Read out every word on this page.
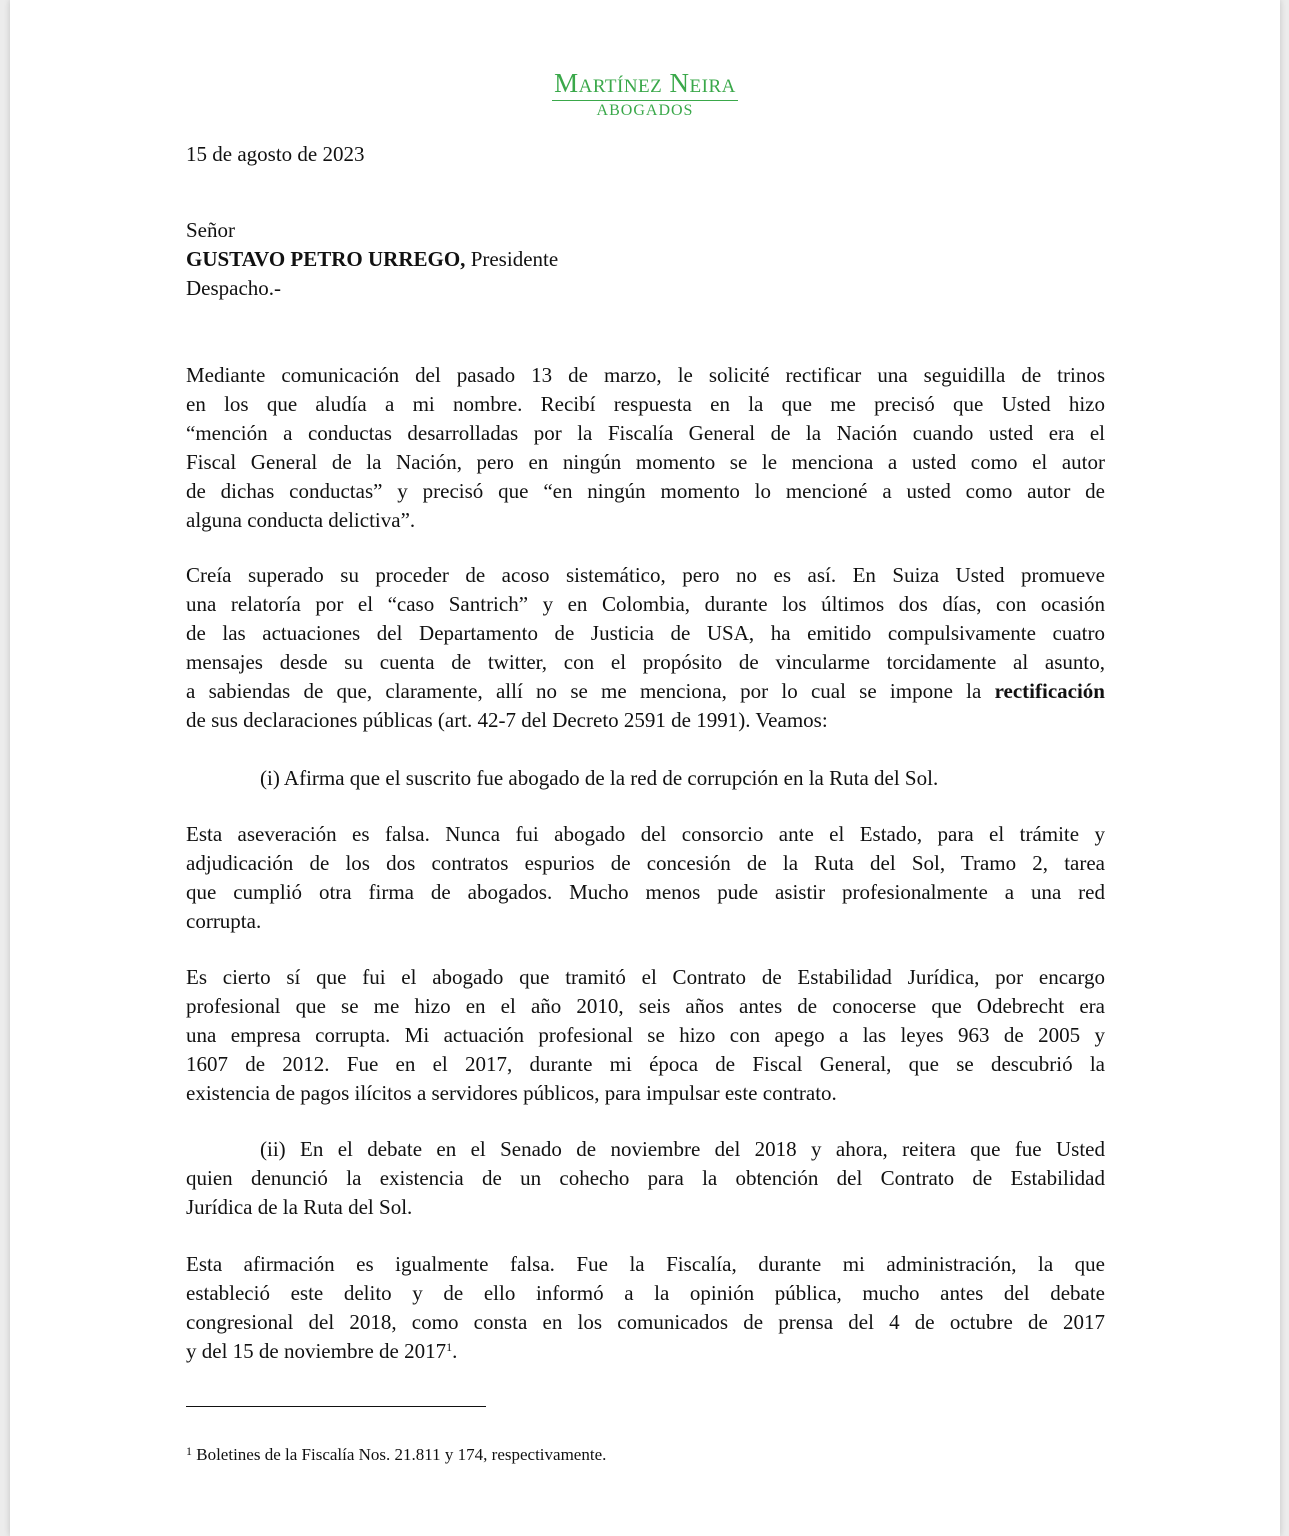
Martínez Neira
ABOGADOS
15 de agosto de 2023
Señor
GUSTAVO PETRO URREGO, Presidente
Despacho.-
Mediante comunicación del pasado 13 de marzo, le solicité rectificar una seguidilla de trinos
en los que aludía a mi nombre. Recibí respuesta en la que me precisó que Usted hizo
“mención a conductas desarrolladas por la Fiscalía General de la Nación cuando usted era el
Fiscal General de la Nación, pero en ningún momento se le menciona a usted como el autor
de dichas conductas” y precisó que “en ningún momento lo mencioné a usted como autor de
alguna conducta delictiva”.
Creía superado su proceder de acoso sistemático, pero no es así. En Suiza Usted promueve
una relatoría por el “caso Santrich” y en Colombia, durante los últimos dos días, con ocasión
de las actuaciones del Departamento de Justicia de USA, ha emitido compulsivamente cuatro
mensajes desde su cuenta de twitter, con el propósito de vincularme torcidamente al asunto,
a sabiendas de que, claramente, allí no se me menciona, por lo cual se impone la rectificación
de sus declaraciones públicas (art. 42-7 del Decreto 2591 de 1991). Veamos:
(i) Afirma que el suscrito fue abogado de la red de corrupción en la Ruta del Sol.
Esta aseveración es falsa. Nunca fui abogado del consorcio ante el Estado, para el trámite y
adjudicación de los dos contratos espurios de concesión de la Ruta del Sol, Tramo 2, tarea
que cumplió otra firma de abogados. Mucho menos pude asistir profesionalmente a una red
corrupta.
Es cierto sí que fui el abogado que tramitó el Contrato de Estabilidad Jurídica, por encargo
profesional que se me hizo en el año 2010, seis años antes de conocerse que Odebrecht era
una empresa corrupta. Mi actuación profesional se hizo con apego a las leyes 963 de 2005 y
1607 de 2012. Fue en el 2017, durante mi época de Fiscal General, que se descubrió la
existencia de pagos ilícitos a servidores públicos, para impulsar este contrato.
(ii) En el debate en el Senado de noviembre del 2018 y ahora, reitera que fue Usted
quien denunció la existencia de un cohecho para la obtención del Contrato de Estabilidad
Jurídica de la Ruta del Sol.
Esta afirmación es igualmente falsa. Fue la Fiscalía, durante mi administración, la que
estableció este delito y de ello informó a la opinión pública, mucho antes del debate
congresional del 2018, como consta en los comunicados de prensa del 4 de octubre de 2017
y del 15 de noviembre de 2017$^1$.
$^1$ Boletines de la Fiscalía Nos. 21.811 y 174, respectivamente.
